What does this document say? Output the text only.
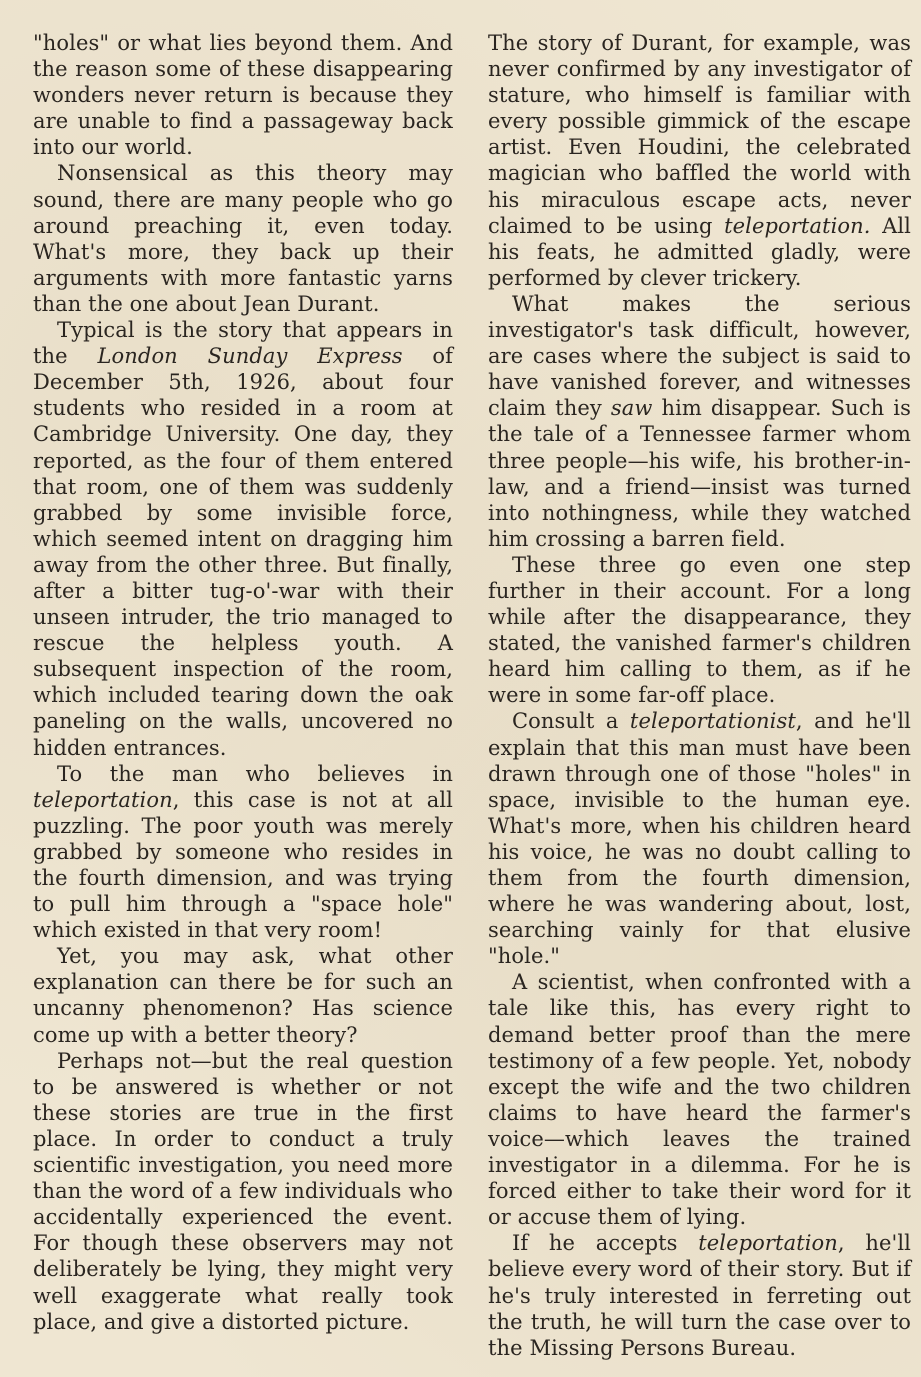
"holes" or what lies beyond them. And the reason some of these disappearing wonders never return is because they are unable to find a passageway back into our world.

Nonsensical as this theory may sound, there are many people who go around preaching it, even today. What's more, they back up their arguments with more fantastic yarns than the one about Jean Durant.

Typical is the story that appears in the London Sunday Express of December 5th, 1926, about four students who resided in a room at Cambridge University. One day, they reported, as the four of them entered that room, one of them was suddenly grabbed by some invisible force, which seemed intent on dragging him away from the other three. But finally, after a bitter tug-o'-war with their unseen intruder, the trio managed to rescue the helpless youth. A subsequent inspection of the room, which included tearing down the oak paneling on the walls, uncovered no hidden entrances.

To the man who believes in teleportation, this case is not at all puzzling. The poor youth was merely grabbed by someone who resides in the fourth dimension, and was trying to pull him through a "space hole" which existed in that very room!

Yet, you may ask, what other explanation can there be for such an uncanny phenomenon? Has science come up with a better theory?

Perhaps not—but the real question to be answered is whether or not these stories are true in the first place. In order to conduct a truly scientific investigation, you need more than the word of a few individuals who accidentally experienced the event. For though these observers may not deliberately be lying, they might very well exaggerate what really took place, and give a distorted picture.

The story of Durant, for example, was never confirmed by any investigator of stature, who himself is familiar with every possible gimmick of the escape artist. Even Houdini, the celebrated magician who baffled the world with his miraculous escape acts, never claimed to be using teleportation. All his feats, he admitted gladly, were performed by clever trickery.

What makes the serious investigator's task difficult, however, are cases where the subject is said to have vanished forever, and witnesses claim they saw him disappear. Such is the tale of a Tennessee farmer whom three people—his wife, his brother-in-law, and a friend—insist was turned into nothingness, while they watched him crossing a barren field.

These three go even one step further in their account. For a long while after the disappearance, they stated, the vanished farmer's children heard him calling to them, as if he were in some far-off place.

Consult a teleportationist, and he'll explain that this man must have been drawn through one of those "holes" in space, invisible to the human eye. What's more, when his children heard his voice, he was no doubt calling to them from the fourth dimension, where he was wandering about, lost, searching vainly for that elusive "hole."

A scientist, when confronted with a tale like this, has every right to demand better proof than the mere testimony of a few people. Yet, nobody except the wife and the two children claims to have heard the farmer's voice—which leaves the trained investigator in a dilemma. For he is forced either to take their word for it or accuse them of lying.

If he accepts teleportation, he'll believe every word of their story. But if he's truly interested in ferreting out the truth, he will turn the case over to the Missing Persons Bureau.
